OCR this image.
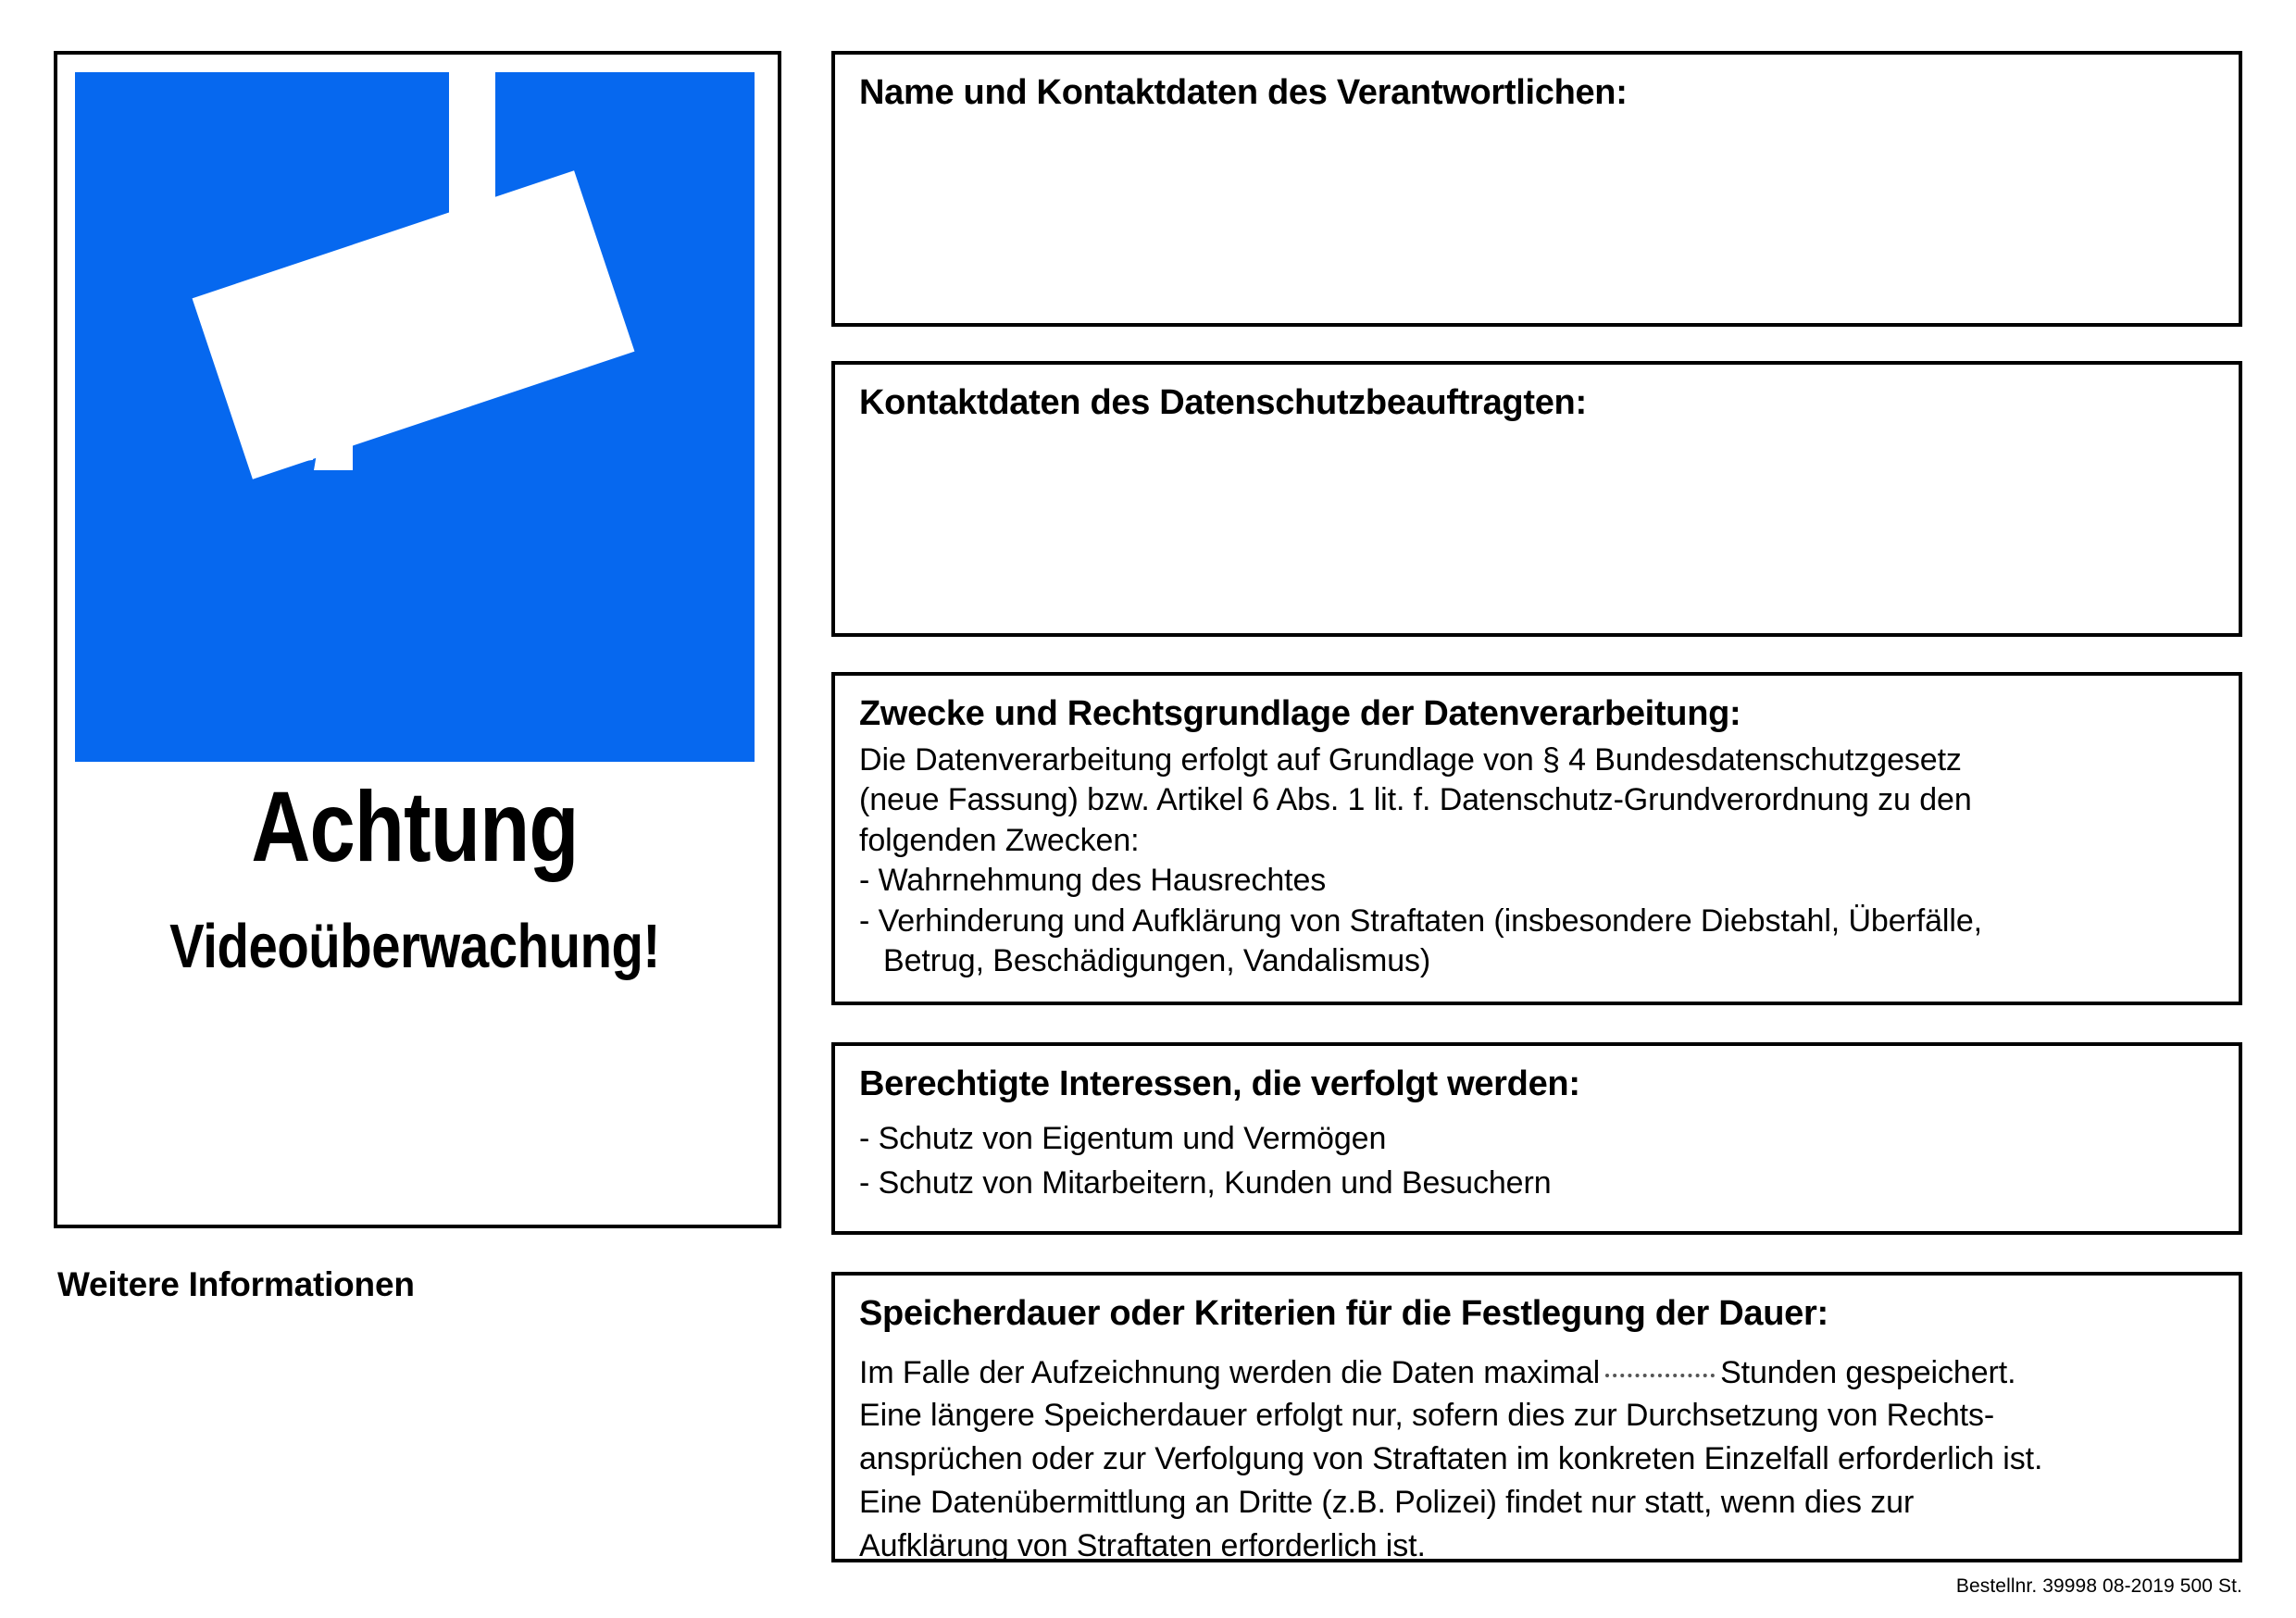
Achtung
Videoüberwachung!
Weitere Informationen
Name und Kontaktdaten des Verantwortlichen:
Kontaktdaten des Datenschutzbeauftragten:
Zwecke und Rechtsgrundlage der Datenverarbeitung:
Die Datenverarbeitung erfolgt auf Grundlage von § 4 Bundesdatenschutzgesetz
(neue Fassung) bzw. Artikel 6 Abs. 1 lit. f. Datenschutz-Grundverordnung zu den
folgenden Zwecken:
- Wahrnehmung des Hausrechtes
- Verhinderung und Aufklärung von Straftaten (insbesondere Diebstahl, Überfälle,
Betrug, Beschädigungen, Vandalismus)
Berechtigte Interessen, die verfolgt werden:
- Schutz von Eigentum und Vermögen
- Schutz von Mitarbeitern, Kunden und Besuchern
Speicherdauer oder Kriterien für die Festlegung der Dauer:
Im Falle der Aufzeichnung werden die Daten maximal	Stunden gespeichert.
Eine längere Speicherdauer erfolgt nur, sofern dies zur Durchsetzung von Rechts-
ansprüchen oder zur Verfolgung von Straftaten im konkreten Einzelfall erforderlich ist.
Eine Datenübermittlung an Dritte (z.B. Polizei) findet nur statt, wenn dies zur
Aufklärung von Straftaten erforderlich ist.
Bestellnr. 39998 08-2019 500 St.
